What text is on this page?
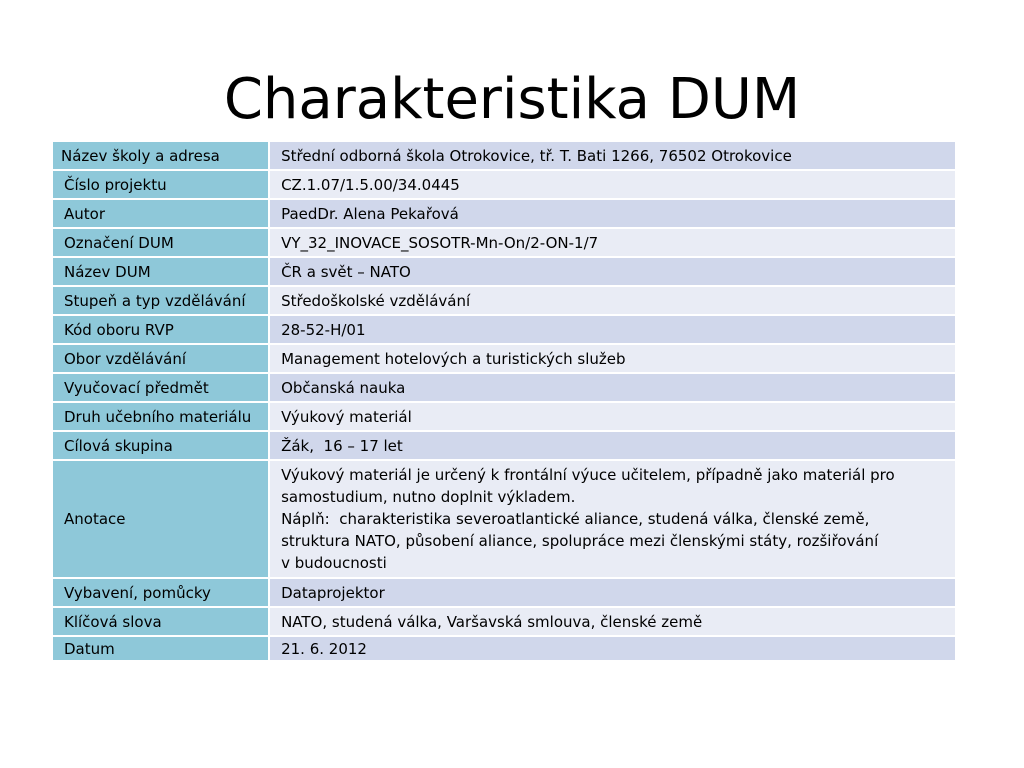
Charakteristika DUM
Název školy a adresa	Střední odborná škola Otrokovice, tř. T. Bati 1266, 76502 Otrokovice
Číslo projektu	CZ.1.07/1.5.00/34.0445
Autor	PaedDr. Alena Pekařová
Označení DUM	VY_32_INOVACE_SOSOTR-Mn-On/2-ON-1/7
Název DUM	ČR a svět – NATO
Stupeň a typ vzdělávání	Středoškolské vzdělávání
Kód oboru RVP	28-52-H/01
Obor vzdělávání	Management hotelových a turistických služeb
Vyučovací předmět	Občanská nauka
Druh učebního materiálu	Výukový materiál
Cílová skupina	Žák,  16 – 17 let
Anotace	Výukový materiál je určený k frontální výuce učitelem, případně jako materiál pro
samostudium, nutno doplnit výkladem.
Náplň:  charakteristika severoatlantické aliance, studená válka, členské země,
struktura NATO, působení aliance, spolupráce mezi členskými státy, rozšiřování
v budoucnosti

Vybavení, pomůcky	Dataprojektor
Klíčová slova	NATO, studená válka, Varšavská smlouva, členské země
Datum	21. 6. 2012
